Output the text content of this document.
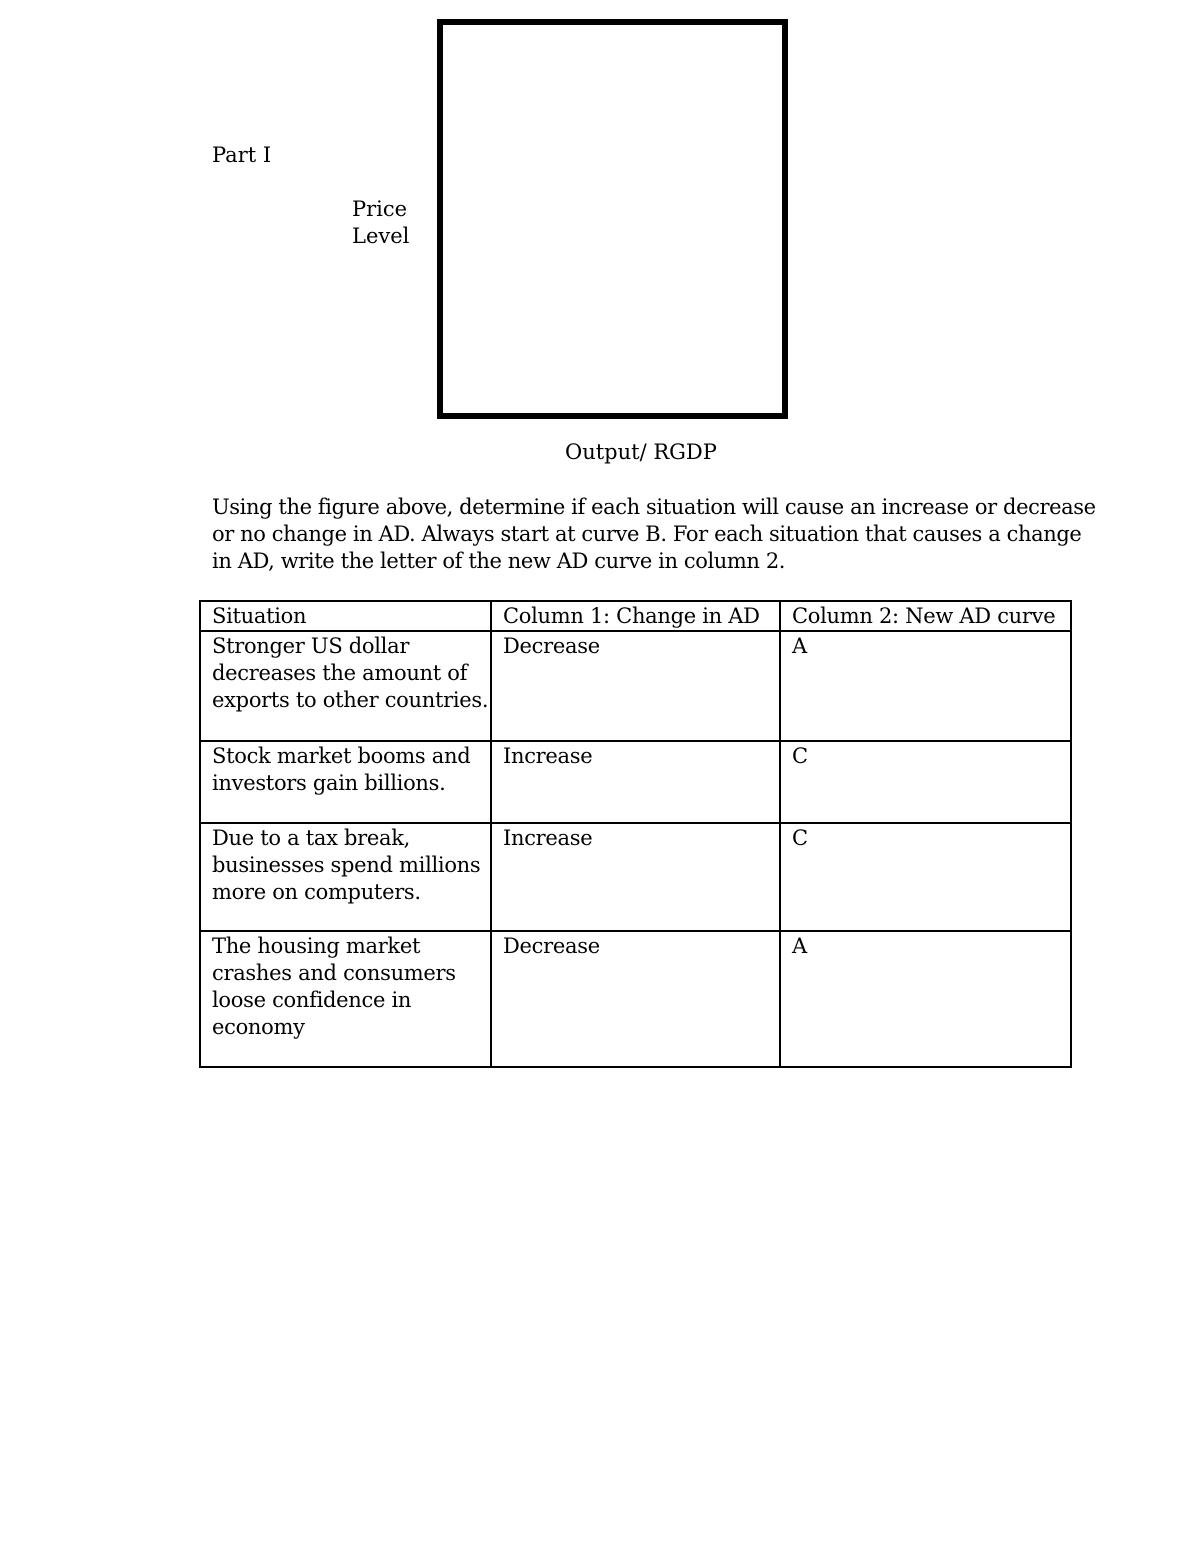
Part I
Price
Level
Output/ RGDP
Using the figure above, determine if each situation will cause an increase or decrease
or no change in AD. Always start at curve B. For each situation that causes a change
in AD, write the letter of the new AD curve in column 2.
Situation	Column 1: Change in AD	Column 2: New AD curve

Stronger US dollar
decreases the amount of
exports to other countries.	Decrease	A

Stock market booms and
investors gain billions.	Increase	C

Due to a tax break,
businesses spend millions
more on computers.	Increase	C

The housing market
crashes and consumers
loose confidence in
economy	Decrease	A
